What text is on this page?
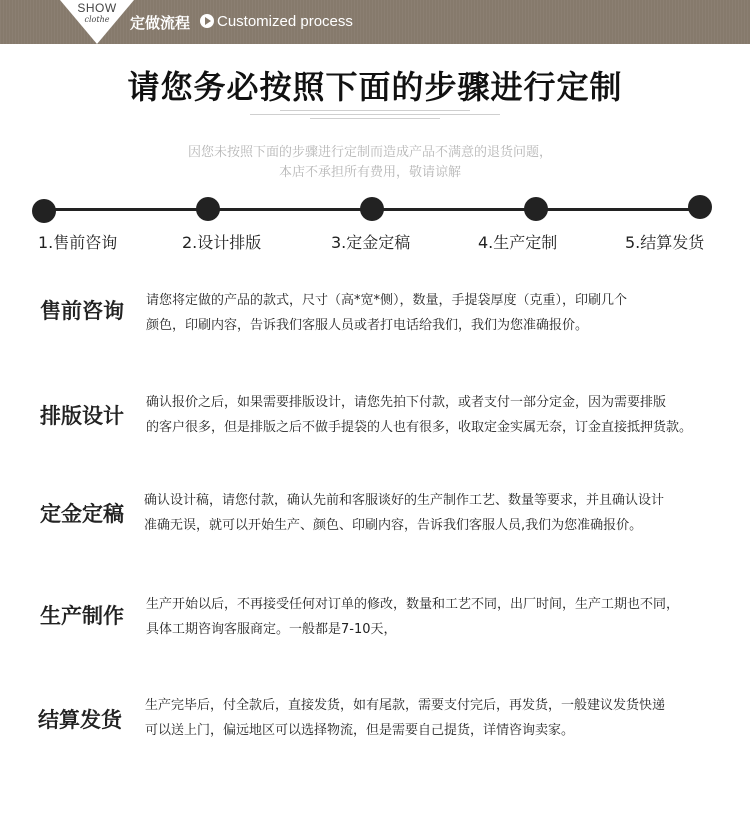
SHOW
clothe	定做流程 Customized process
请您务必按照下面的步骤进行定制
因您未按照下面的步骤进行定制而造成产品不满意的退货问题，
本店不承担所有费用，敬请谅解
1.售前咨询	2.设计排版	3.定金定稿	4.生产定制	5.结算发货
售前咨询 请您将定做的产品的款式，尺寸（高*宽*侧），数量，手提袋厚度（克重），印刷几个
颜色，印刷内容，告诉我们客服人员或者打电话给我们，我们为您准确报价。
排版设计
确认报价之后，如果需要排版设计，请您先拍下付款，或者支付一部分定金，因为需要排版
的客户很多，但是排版之后不做手提袋的人也有很多，收取定金实属无奈，订金直接抵押货款。
定金定稿
确认设计稿，请您付款，确认先前和客服谈好的生产制作工艺、数量等要求，并且确认设计
准确无误，就可以开始生产、颜色、印刷内容，告诉我们客服人员,我们为您准确报价。
生产制作 生产开始以后，不再接受任何对订单的修改，数量和工艺不同，出厂时间，生产工期也不同，
具体工期咨询客服商定。一般都是7-10天，
结算发货
生产完毕后，付全款后，直接发货，如有尾款，需要支付完后，再发货，一般建议发货快递
可以送上门，偏远地区可以选择物流，但是需要自己提货，详情咨询卖家。
